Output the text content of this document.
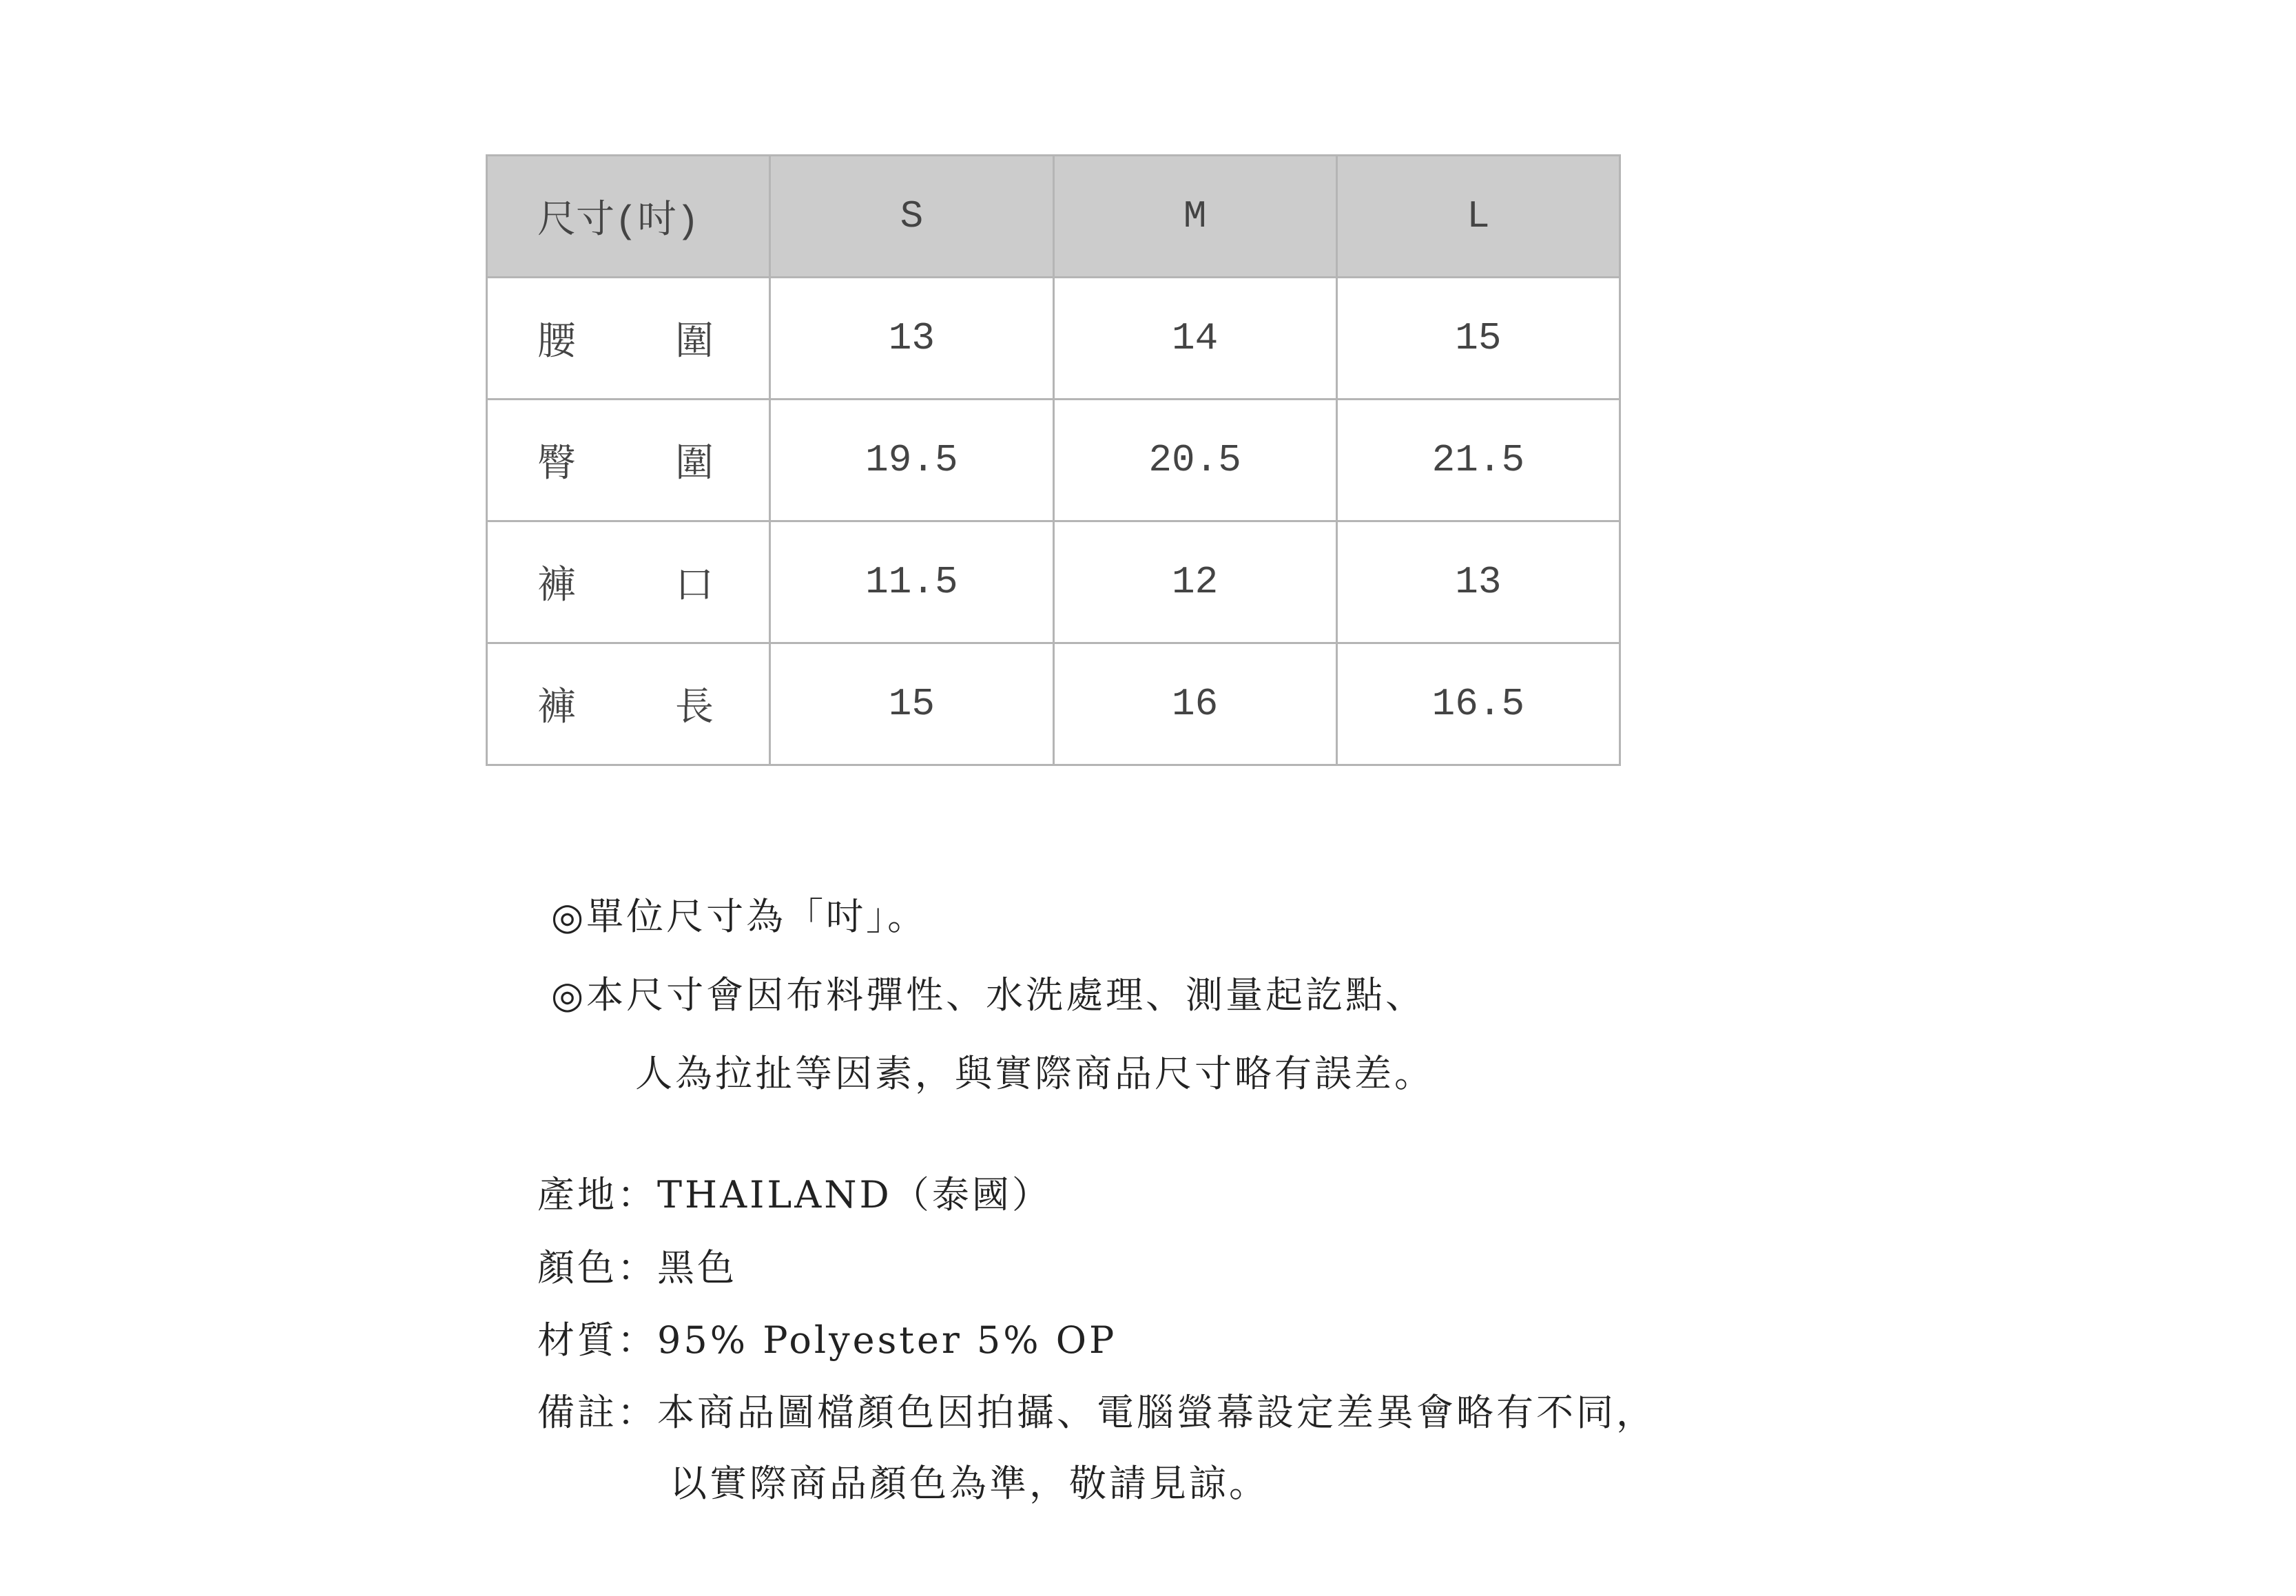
尺寸(吋)	S	M	L
腰 圍	13	14	15
臀 圍	19.5	20.5	21.5
褲 口	11.5	12	13
褲 長	15	16	16.5
◎單位尺寸為「吋」。
◎本尺寸會因布料彈性、水洗處理、測量起訖點、
人為拉扯等因素，與實際商品尺寸略有誤差。
產地：THAILAND（泰國）
顏色：黑色
材質：95% Polyester 5% OP
備註：本商品圖檔顏色因拍攝、電腦螢幕設定差異會略有不同，
以實際商品顏色為準，敬請見諒。
